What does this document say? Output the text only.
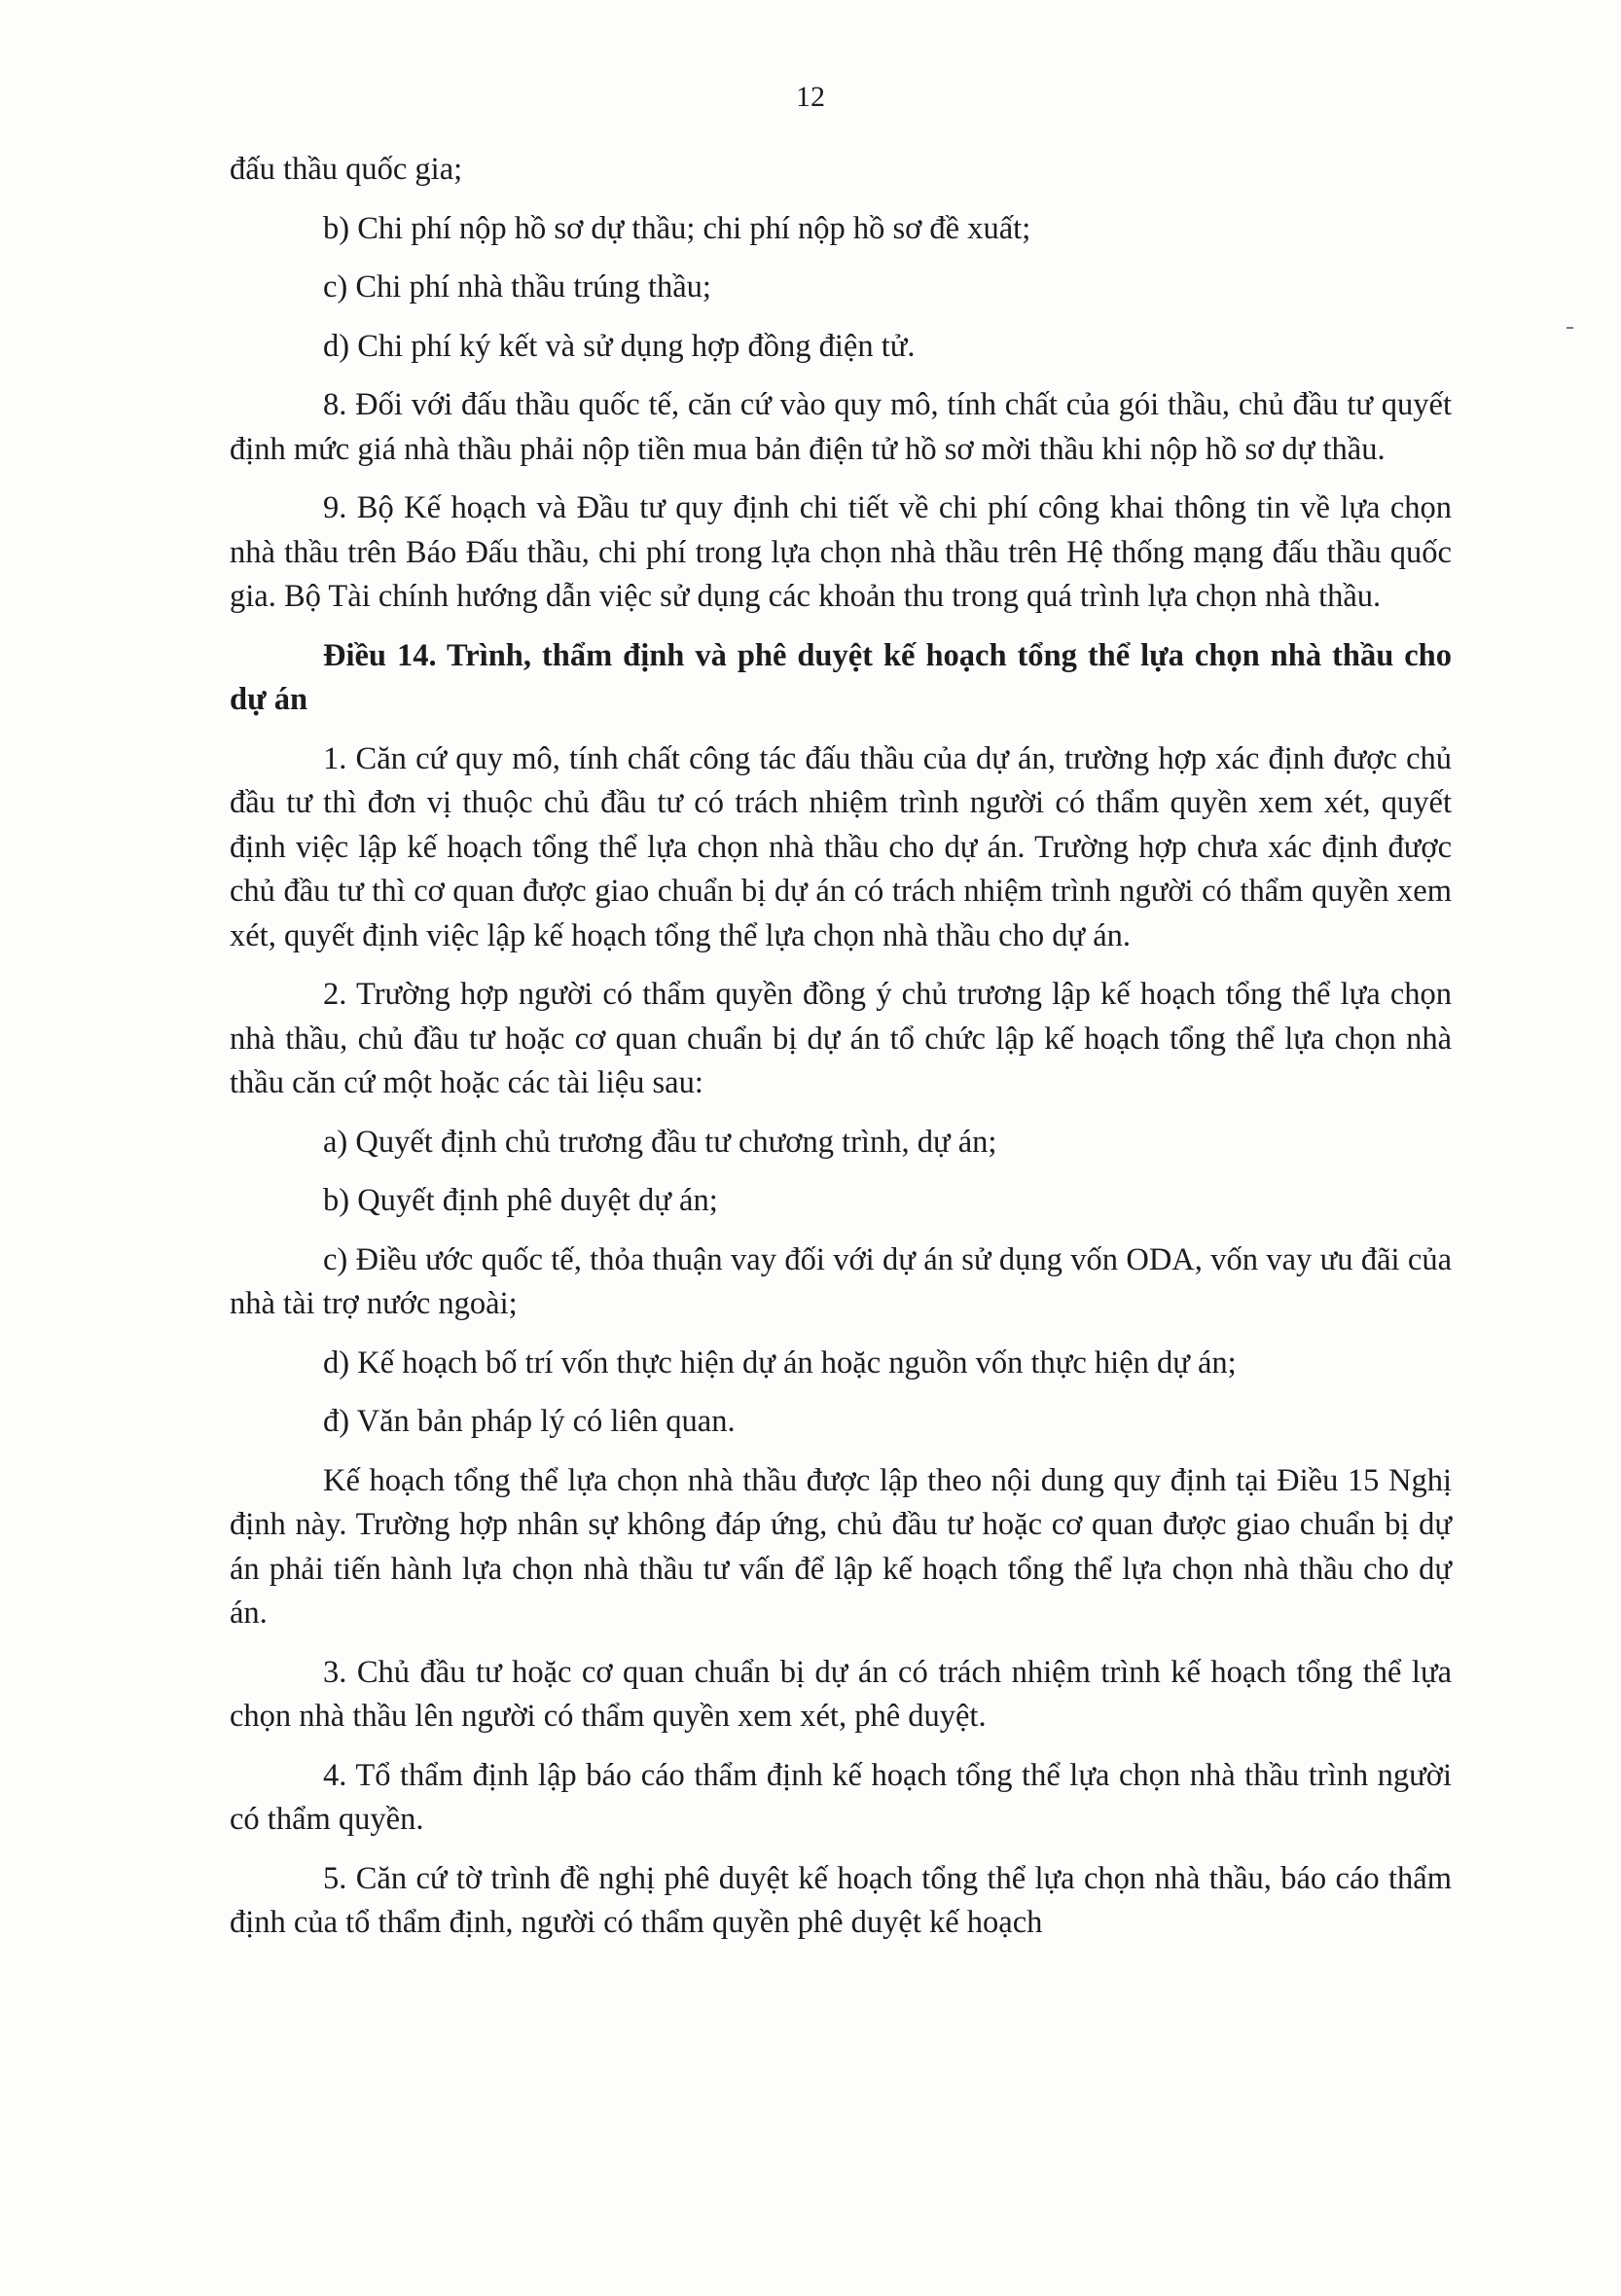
12

đấu thầu quốc gia;

b) Chi phí nộp hồ sơ dự thầu; chi phí nộp hồ sơ đề xuất;

c) Chi phí nhà thầu trúng thầu;

d) Chi phí ký kết và sử dụng hợp đồng điện tử.

8. Đối với đấu thầu quốc tế, căn cứ vào quy mô, tính chất của gói thầu, chủ đầu tư quyết định mức giá nhà thầu phải nộp tiền mua bản điện tử hồ sơ mời thầu khi nộp hồ sơ dự thầu.

9. Bộ Kế hoạch và Đầu tư quy định chi tiết về chi phí công khai thông tin về lựa chọn nhà thầu trên Báo Đấu thầu, chi phí trong lựa chọn nhà thầu trên Hệ thống mạng đấu thầu quốc gia. Bộ Tài chính hướng dẫn việc sử dụng các khoản thu trong quá trình lựa chọn nhà thầu.

Điều 14. Trình, thẩm định và phê duyệt kế hoạch tổng thể lựa chọn nhà thầu cho dự án

1. Căn cứ quy mô, tính chất công tác đấu thầu của dự án, trường hợp xác định được chủ đầu tư thì đơn vị thuộc chủ đầu tư có trách nhiệm trình người có thẩm quyền xem xét, quyết định việc lập kế hoạch tổng thể lựa chọn nhà thầu cho dự án. Trường hợp chưa xác định được chủ đầu tư thì cơ quan được giao chuẩn bị dự án có trách nhiệm trình người có thẩm quyền xem xét, quyết định việc lập kế hoạch tổng thể lựa chọn nhà thầu cho dự án.

2. Trường hợp người có thẩm quyền đồng ý chủ trương lập kế hoạch tổng thể lựa chọn nhà thầu, chủ đầu tư hoặc cơ quan chuẩn bị dự án tổ chức lập kế hoạch tổng thể lựa chọn nhà thầu căn cứ một hoặc các tài liệu sau:

a) Quyết định chủ trương đầu tư chương trình, dự án;

b) Quyết định phê duyệt dự án;

c) Điều ước quốc tế, thỏa thuận vay đối với dự án sử dụng vốn ODA, vốn vay ưu đãi của nhà tài trợ nước ngoài;

d) Kế hoạch bố trí vốn thực hiện dự án hoặc nguồn vốn thực hiện dự án;

đ) Văn bản pháp lý có liên quan.

Kế hoạch tổng thể lựa chọn nhà thầu được lập theo nội dung quy định tại Điều 15 Nghị định này. Trường hợp nhân sự không đáp ứng, chủ đầu tư hoặc cơ quan được giao chuẩn bị dự án phải tiến hành lựa chọn nhà thầu tư vấn để lập kế hoạch tổng thể lựa chọn nhà thầu cho dự án.

3. Chủ đầu tư hoặc cơ quan chuẩn bị dự án có trách nhiệm trình kế hoạch tổng thể lựa chọn nhà thầu lên người có thẩm quyền xem xét, phê duyệt.

4. Tổ thẩm định lập báo cáo thẩm định kế hoạch tổng thể lựa chọn nhà thầu trình người có thẩm quyền.

5. Căn cứ tờ trình đề nghị phê duyệt kế hoạch tổng thể lựa chọn nhà thầu, báo cáo thẩm định của tổ thẩm định, người có thẩm quyền phê duyệt kế hoạch
